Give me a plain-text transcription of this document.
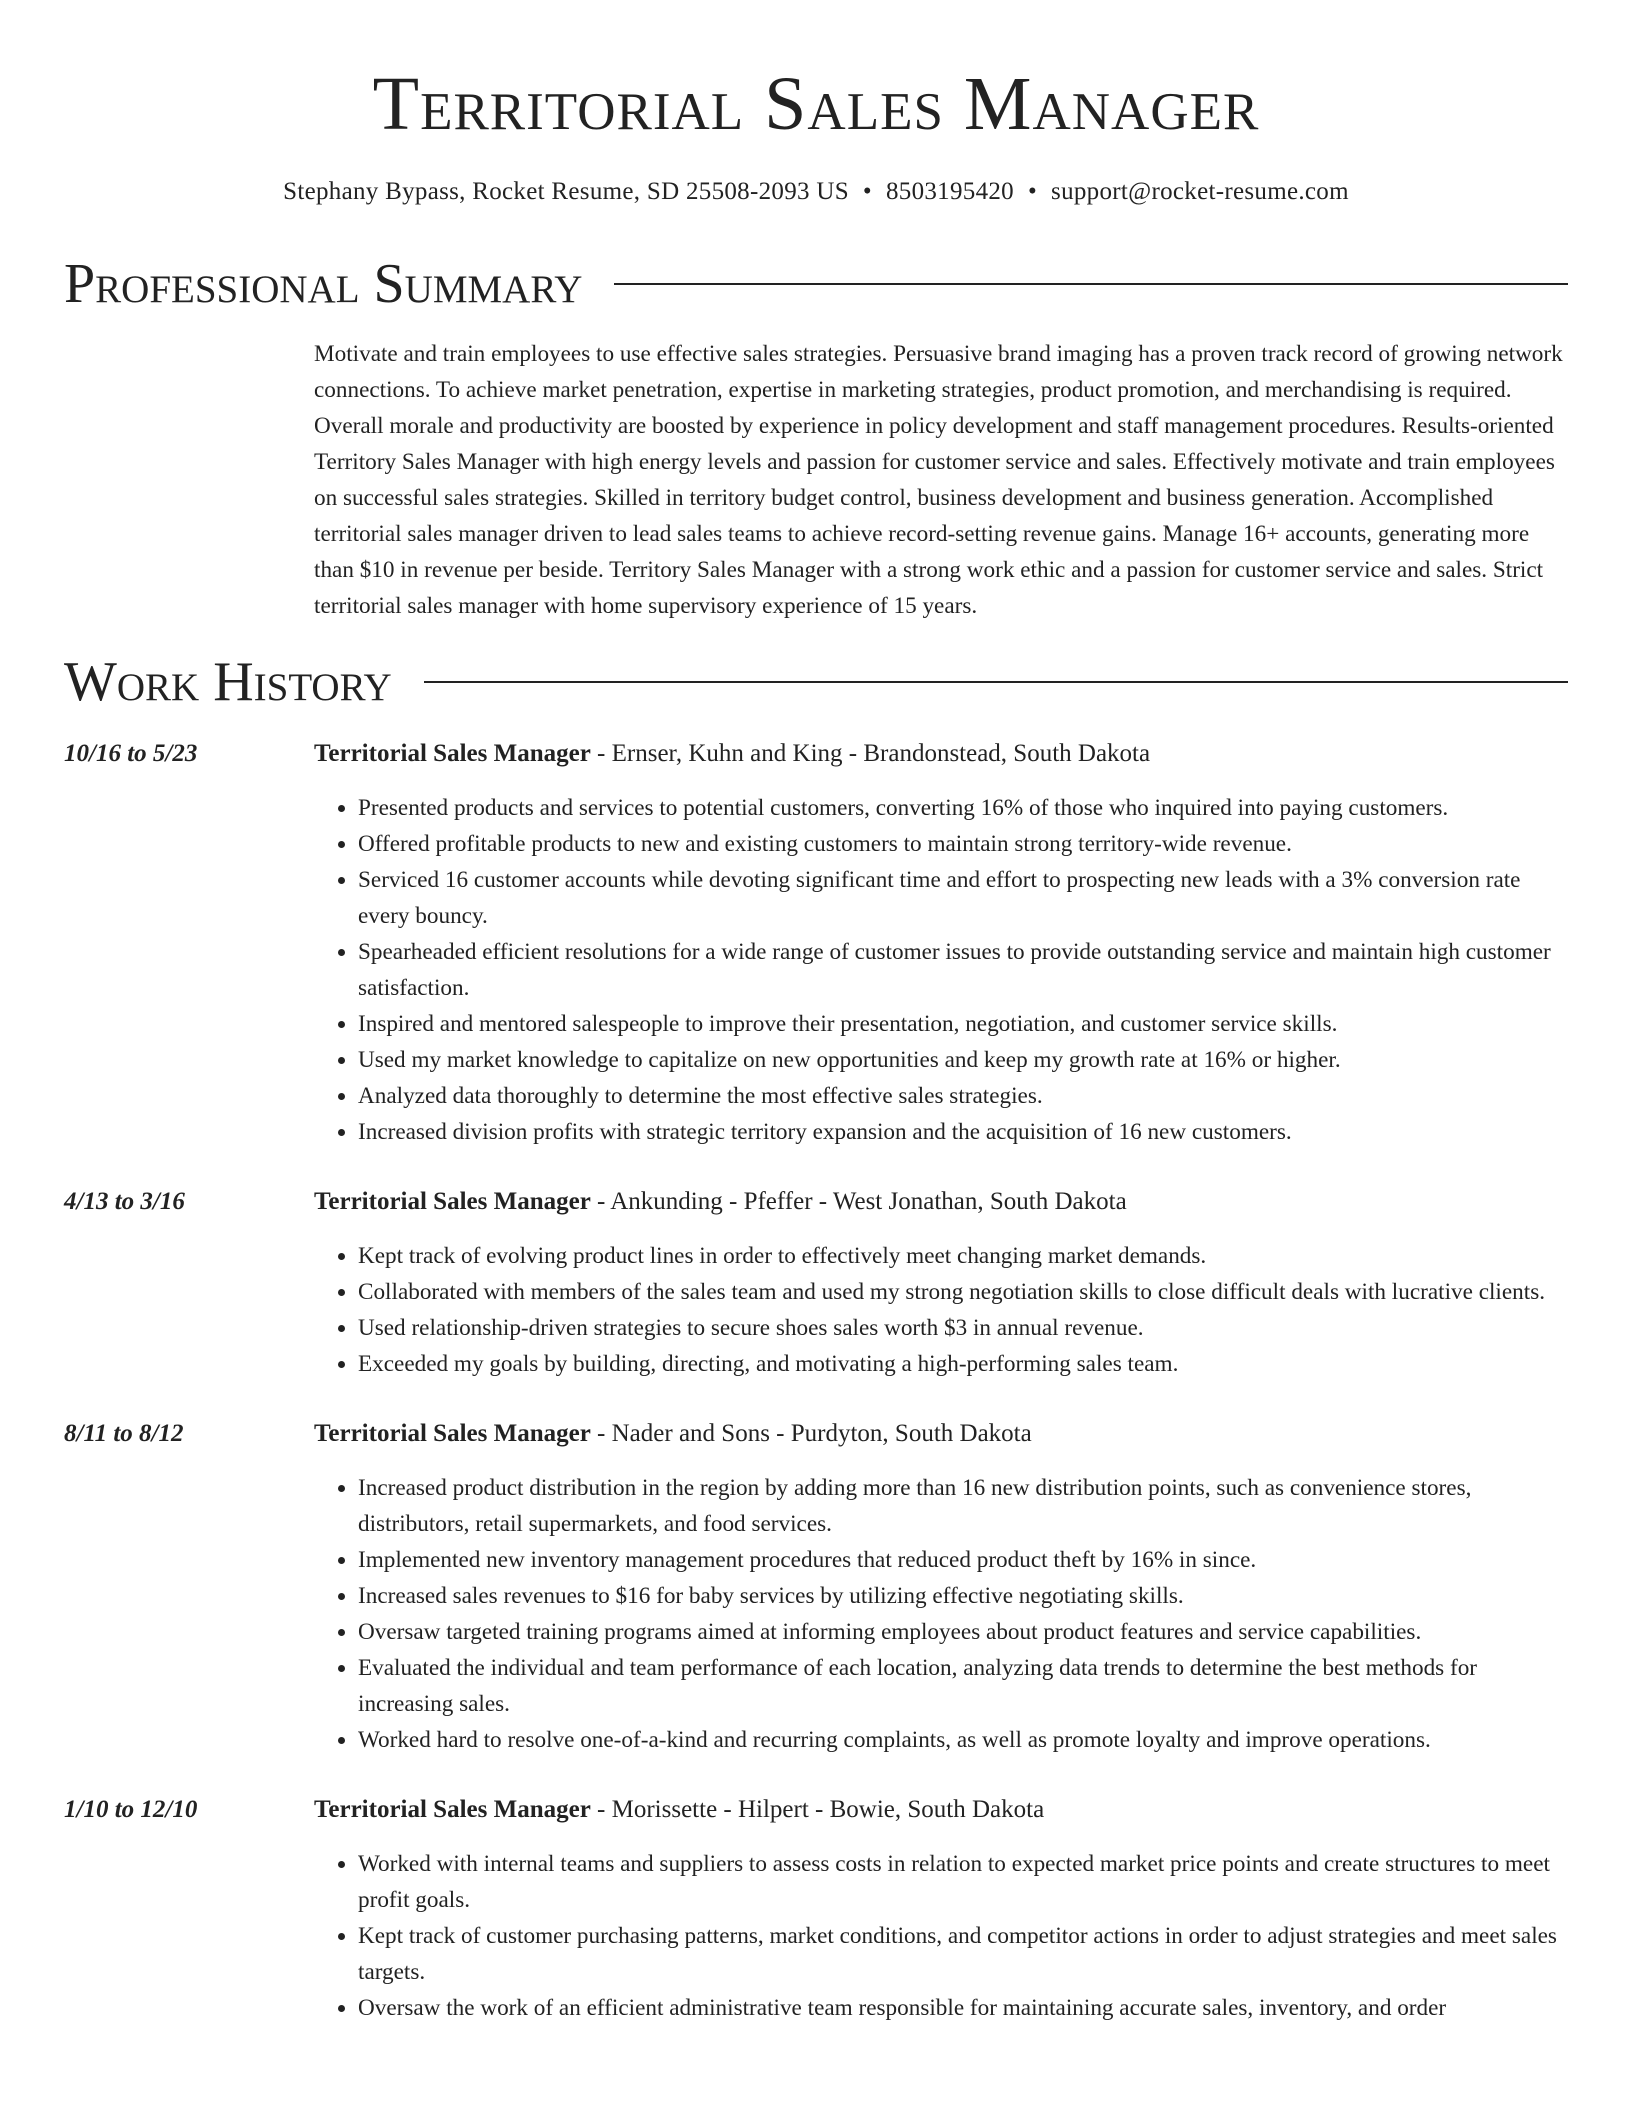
Territorial Sales Manager
Stephany Bypass, Rocket Resume, SD 25508-2093 US • 8503195420 • support@rocket-resume.com
Professional Summary

Motivate and train employees to use effective sales strategies. Persuasive brand imaging has a proven track record of growing network connections. To achieve market penetration, expertise in marketing strategies, product promotion, and merchandising is required. Overall morale and productivity are boosted by experience in policy development and staff management procedures. Results-oriented Territory Sales Manager with high energy levels and passion for customer service and sales. Effectively motivate and train employees on successful sales strategies. Skilled in territory budget control, business development and business generation. Accomplished territorial sales manager driven to lead sales teams to achieve record-setting revenue gains. Manage 16+ accounts, generating more than $10 in revenue per beside. Territory Sales Manager with a strong work ethic and a passion for customer service and sales. Strict territorial sales manager with home supervisory experience of 15 years.

Work History
10/16 to 5/23	Territorial Sales Manager - Ernser, Kuhn and King - Brandonstead, South Dakota
• Presented products and services to potential customers, converting 16% of those who inquired into paying customers.
• Offered profitable products to new and existing customers to maintain strong territory-wide revenue.
• Serviced 16 customer accounts while devoting significant time and effort to prospecting new leads with a 3% conversion rate every bouncy.
• Spearheaded efficient resolutions for a wide range of customer issues to provide outstanding service and maintain high customer satisfaction.
• Inspired and mentored salespeople to improve their presentation, negotiation, and customer service skills.
• Used my market knowledge to capitalize on new opportunities and keep my growth rate at 16% or higher.
• Analyzed data thoroughly to determine the most effective sales strategies.
• Increased division profits with strategic territory expansion and the acquisition of 16 new customers.
4/13 to 3/16	Territorial Sales Manager - Ankunding - Pfeffer - West Jonathan, South Dakota
• Kept track of evolving product lines in order to effectively meet changing market demands.
• Collaborated with members of the sales team and used my strong negotiation skills to close difficult deals with lucrative clients.
• Used relationship-driven strategies to secure shoes sales worth $3 in annual revenue.
• Exceeded my goals by building, directing, and motivating a high-performing sales team.
8/11 to 8/12	Territorial Sales Manager - Nader and Sons - Purdyton, South Dakota
• Increased product distribution in the region by adding more than 16 new distribution points, such as convenience stores, distributors, retail supermarkets, and food services.
• Implemented new inventory management procedures that reduced product theft by 16% in since.
• Increased sales revenues to $16 for baby services by utilizing effective negotiating skills.
• Oversaw targeted training programs aimed at informing employees about product features and service capabilities.
• Evaluated the individual and team performance of each location, analyzing data trends to determine the best methods for increasing sales.
• Worked hard to resolve one-of-a-kind and recurring complaints, as well as promote loyalty and improve operations.
1/10 to 12/10	Territorial Sales Manager - Morissette - Hilpert - Bowie, South Dakota
• Worked with internal teams and suppliers to assess costs in relation to expected market price points and create structures to meet profit goals.
• Kept track of customer purchasing patterns, market conditions, and competitor actions in order to adjust strategies and meet sales targets.
• Oversaw the work of an efficient administrative team responsible for maintaining accurate sales, inventory, and order
